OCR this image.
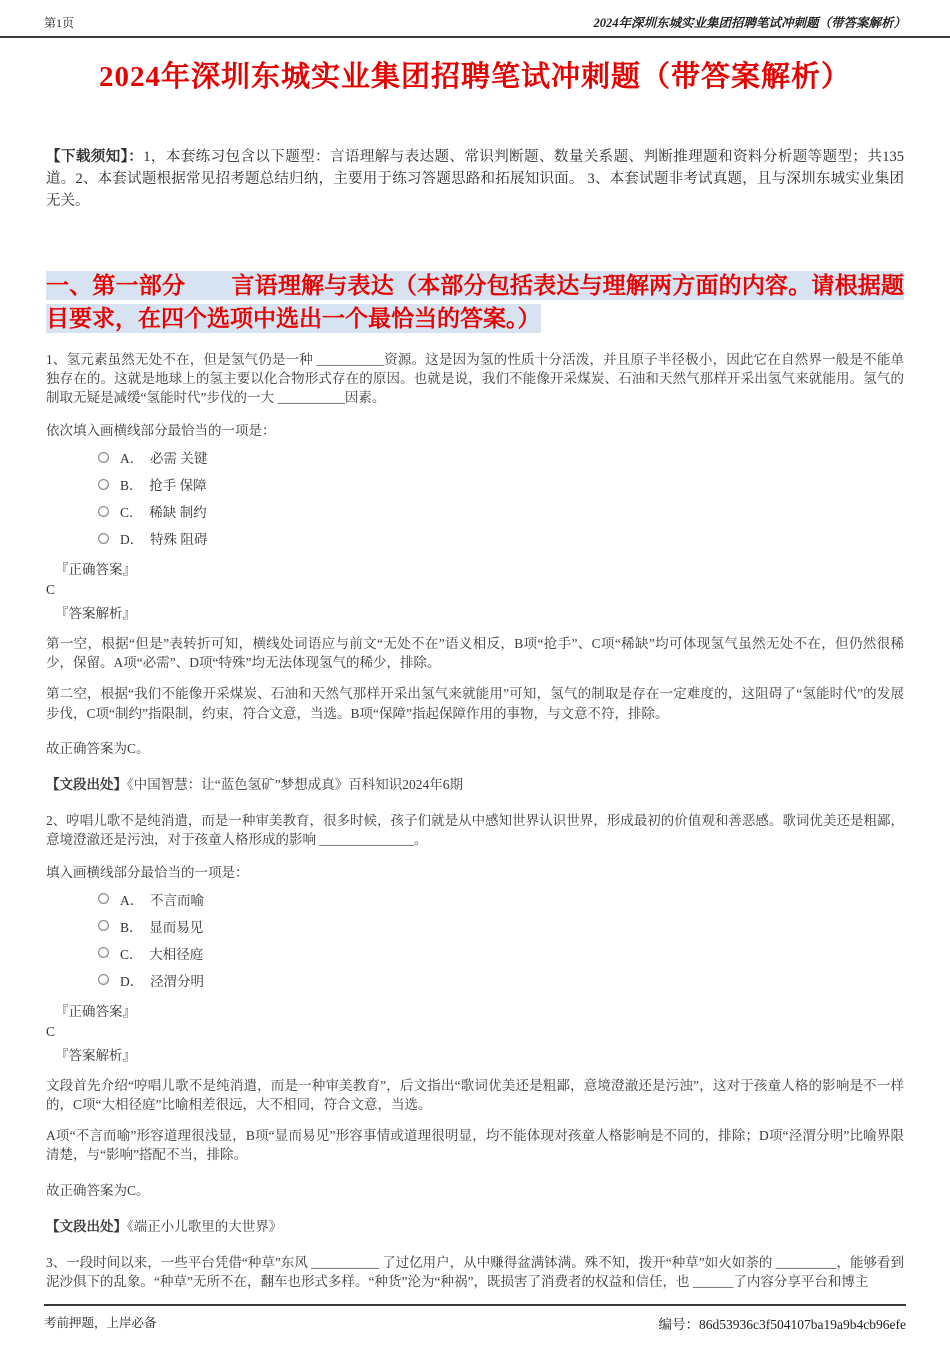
第1页	2024年深圳东城实业集团招聘笔试冲刺题（带答案解析）
2024年深圳东城实业集团招聘笔试冲刺题（带答案解析）

【下载须知】：1，本套练习包含以下题型：言语理解与表达题、常识判断题、数量关系题、判断推理题和资料分析题等题型；共135道。2、本套试题根据常见招考题总结归纳，主要用于练习答题思路和拓展知识面。 3、本套试题非考试真题，且与深圳东城实业集团无关。

一、第一部分　　言语理解与表达（本部分包括表达与理解两方面的内容。请根据题目要求，在四个选项中选出一个最恰当的答案。）

1、氢元素虽然无处不在，但是氢气仍是一种 __________资源。这是因为氢的性质十分活泼，并且原子半径极小，因此它在自然界一般是不能单独存在的。这就是地球上的氢主要以化合物形式存在的原因。也就是说，我们不能像开采煤炭、石油和天然气那样开采出氢气来就能用。氢气的制取无疑是减缓“氢能时代”步伐的一大 __________因素。

依次填入画横线部分最恰当的一项是：

A．  必需 关键
B．  抢手 保障
C．  稀缺 制约
D．  特殊 阻碍

『正确答案』

C

『答案解析』

第一空，根据“但是”表转折可知，横线处词语应与前文“无处不在”语义相反，B项“抢手”、C项“稀缺”均可体现氢气虽然无处不在，但仍然很稀少，保留。A项“必需”、D项“特殊”均无法体现氢气的稀少，排除。

第二空，根据“我们不能像开采煤炭、石油和天然气那样开采出氢气来就能用”可知，氢气的制取是存在一定难度的，这阻碍了“氢能时代”的发展步伐，C项“制约”指限制，约束，符合文意，当选。B项“保障”指起保障作用的事物，与文意不符，排除。

故正确答案为C。

【文段出处】《中国智慧：让“蓝色氢矿”梦想成真》百科知识2024年6期

2、哼唱儿歌不是纯消遣，而是一种审美教育，很多时候，孩子们就是从中感知世界认识世界，形成最初的价值观和善恶感。歌词优美还是粗鄙，意境澄澈还是污浊，对于孩童人格形成的影响 ______________。

填入画横线部分最恰当的一项是：

A．  不言而喻
B．  显而易见
C．  大相径庭
D．  泾渭分明

『正确答案』

C

『答案解析』

文段首先介绍“哼唱儿歌不是纯消遣，而是一种审美教育”，后文指出“歌词优美还是粗鄙，意境澄澈还是污浊”，这对于孩童人格的影响是不一样的，C项“大相径庭”比喻相差很远，大不相同，符合文意，当选。

A项“不言而喻”形容道理很浅显，B项“显而易见”形容事情或道理很明显，均不能体现对孩童人格影响是不同的，排除；D项“泾渭分明”比喻界限清楚，与“影响”搭配不当，排除。

故正确答案为C。

【文段出处】《端正小儿歌里的大世界》

3、一段时间以来，一些平台凭借“种草”东风 __________ 了过亿用户，从中赚得盆满钵满。殊不知，拨开“种草”如火如荼的 _________，能够看到泥沙俱下的乱象。“种草”无所不在，翻车也形式多样。“种货”沦为“种祸”，既损害了消费者的权益和信任，也 ______了内容分享平台和博主

考前押题，上岸必备	编号：86d53936c3f504107ba19a9b4cb96efe
